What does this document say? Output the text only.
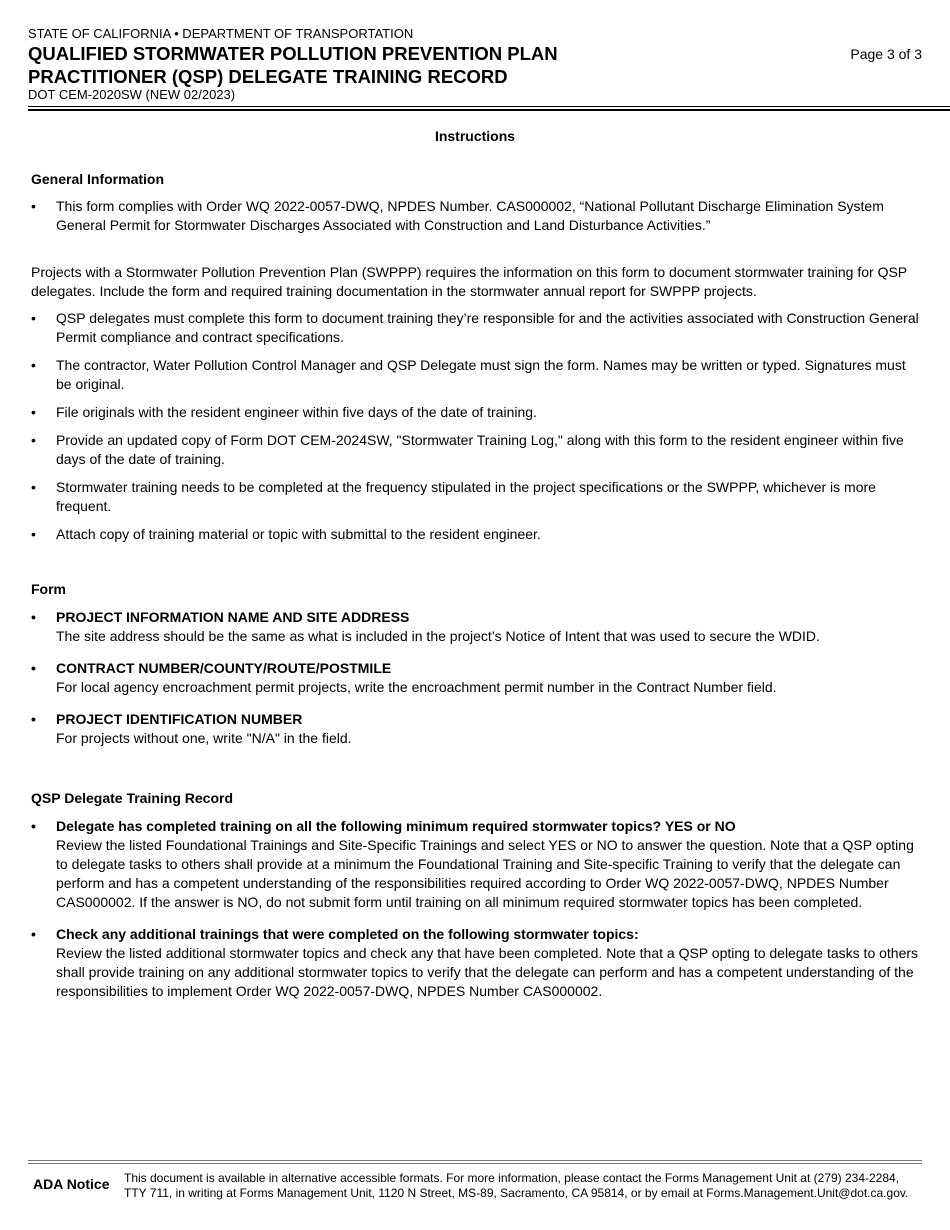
STATE OF CALIFORNIA • DEPARTMENT OF TRANSPORTATION
QUALIFIED STORMWATER POLLUTION PREVENTION PLAN
PRACTITIONER (QSP) DELEGATE TRAINING RECORD
DOT CEM-2020SW (NEW 02/2023)
Page 3 of 3
Instructions

General Information

• This form complies with Order WQ 2022-0057-DWQ, NPDES Number. CAS000002, “National Pollutant Discharge Elimination System General Permit for Stormwater Discharges Associated with Construction and Land Disturbance Activities.”

Projects with a Stormwater Pollution Prevention Plan (SWPPP) requires the information on this form to document stormwater training for QSP delegates. Include the form and required training documentation in the stormwater annual report for SWPPP projects.

• QSP delegates must complete this form to document training they’re responsible for and the activities associated with Construction General Permit compliance and contract specifications.
• The contractor, Water Pollution Control Manager and QSP Delegate must sign the form. Names may be written or typed. Signatures must be original.
• File originals with the resident engineer within five days of the date of training.
• Provide an updated copy of Form DOT CEM-2024SW, "Stormwater Training Log," along with this form to the resident engineer within five days of the date of training.
• Stormwater training needs to be completed at the frequency stipulated in the project specifications or the SWPPP, whichever is more frequent.
• Attach copy of training material or topic with submittal to the resident engineer.

Form

• PROJECT INFORMATION NAME AND SITE ADDRESS
The site address should be the same as what is included in the project’s Notice of Intent that was used to secure the WDID.
• CONTRACT NUMBER/COUNTY/ROUTE/POSTMILE
For local agency encroachment permit projects, write the encroachment permit number in the Contract Number field.
• PROJECT IDENTIFICATION NUMBER
For projects without one, write "N/A" in the field.

QSP Delegate Training Record

• Delegate has completed training on all the following minimum required stormwater topics? YES or NO
Review the listed Foundational Trainings and Site-Specific Trainings and select YES or NO to answer the question. Note that a QSP opting to delegate tasks to others shall provide at a minimum the Foundational Training and Site-specific Training to verify that the delegate can perform and has a competent understanding of the responsibilities required according to Order WQ 2022-0057-DWQ, NPDES Number CAS000002. If the answer is NO, do not submit form until training on all minimum required stormwater topics has been completed.
• Check any additional trainings that were completed on the following stormwater topics:
Review the listed additional stormwater topics and check any that have been completed. Note that a QSP opting to delegate tasks to others shall provide training on any additional stormwater topics to verify that the delegate can perform and has a competent understanding of the responsibilities to implement Order WQ 2022-0057-DWQ, NPDES Number CAS000002.
ADA Notice This document is available in alternative accessible formats. For more information, please contact the Forms Management Unit at (279) 234-2284, TTY 711, in writing at Forms Management Unit, 1120 N Street, MS-89, Sacramento, CA 95814, or by email at Forms.Management.Unit@dot.ca.gov.
